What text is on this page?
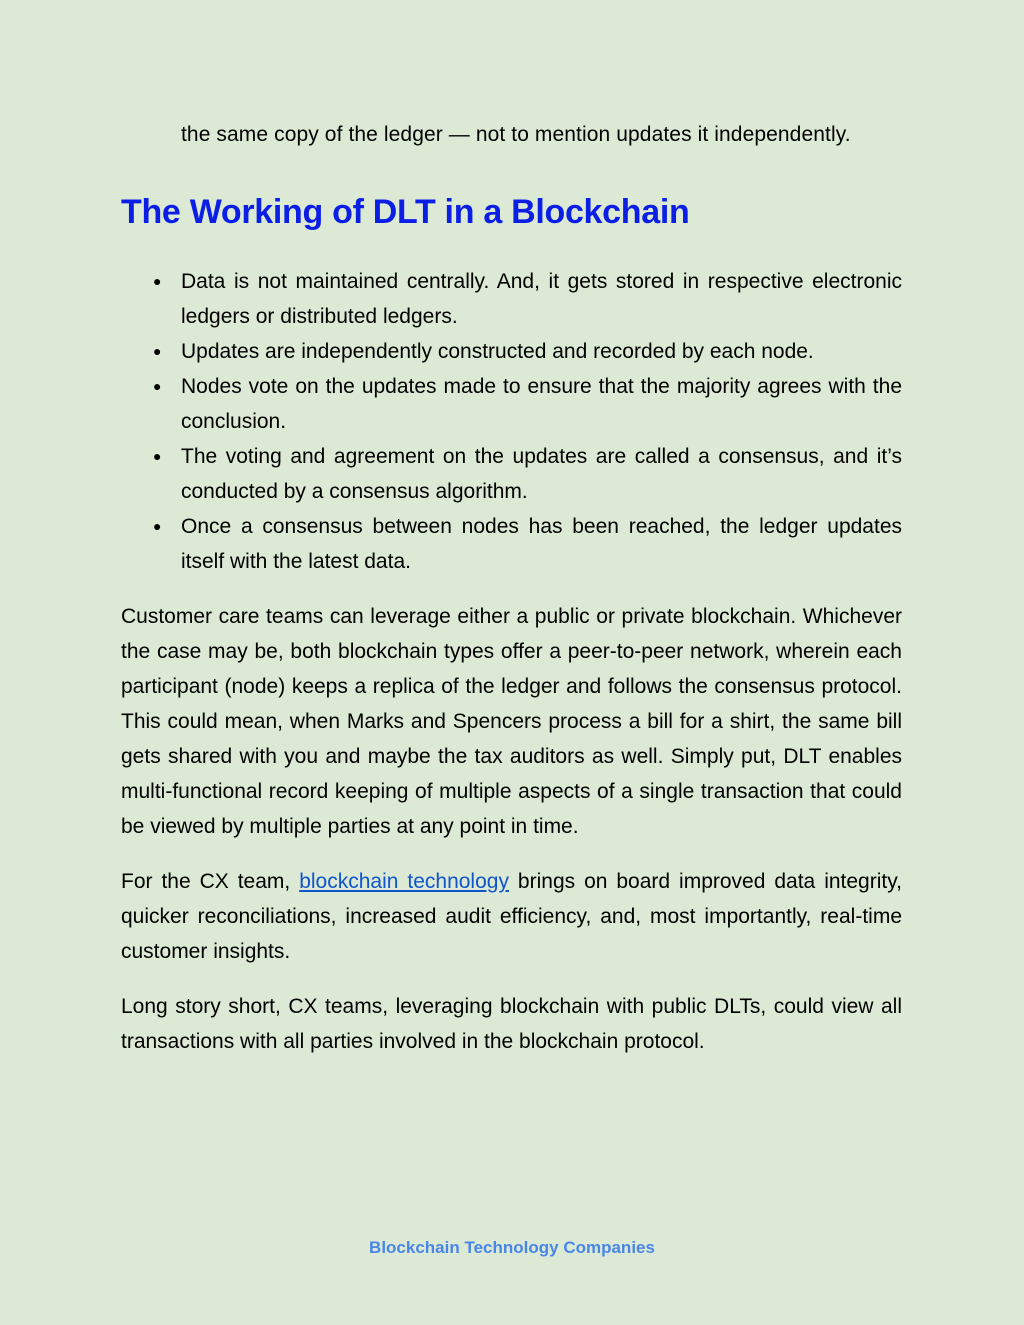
the same copy of the ledger — not to mention updates it independently.

The Working of DLT in a Blockchain
● Data is not maintained centrally. And, it gets stored in respective electronic ledgers or distributed ledgers.
● Updates are independently constructed and recorded by each node.
● Nodes vote on the updates made to ensure that the majority agrees with the conclusion.
● The voting and agreement on the updates are called a consensus, and it’s conducted by a consensus algorithm.
● Once a consensus between nodes has been reached, the ledger updates itself with the latest data.

Customer care teams can leverage either a public or private blockchain. Whichever the case may be, both blockchain types offer a peer-to-peer network, wherein each participant (node) keeps a replica of the ledger and follows the consensus protocol. This could mean, when Marks and Spencers process a bill for a shirt, the same bill gets shared with you and maybe the tax auditors as well. Simply put, DLT enables multi-functional record keeping of multiple aspects of a single transaction that could be viewed by multiple parties at any point in time.

For the CX team, blockchain technology brings on board improved data integrity, quicker reconciliations, increased audit efficiency, and, most importantly, real-time customer insights.

Long story short, CX teams, leveraging blockchain with public DLTs, could view all transactions with all parties involved in the blockchain protocol.

Blockchain Technology Companies
